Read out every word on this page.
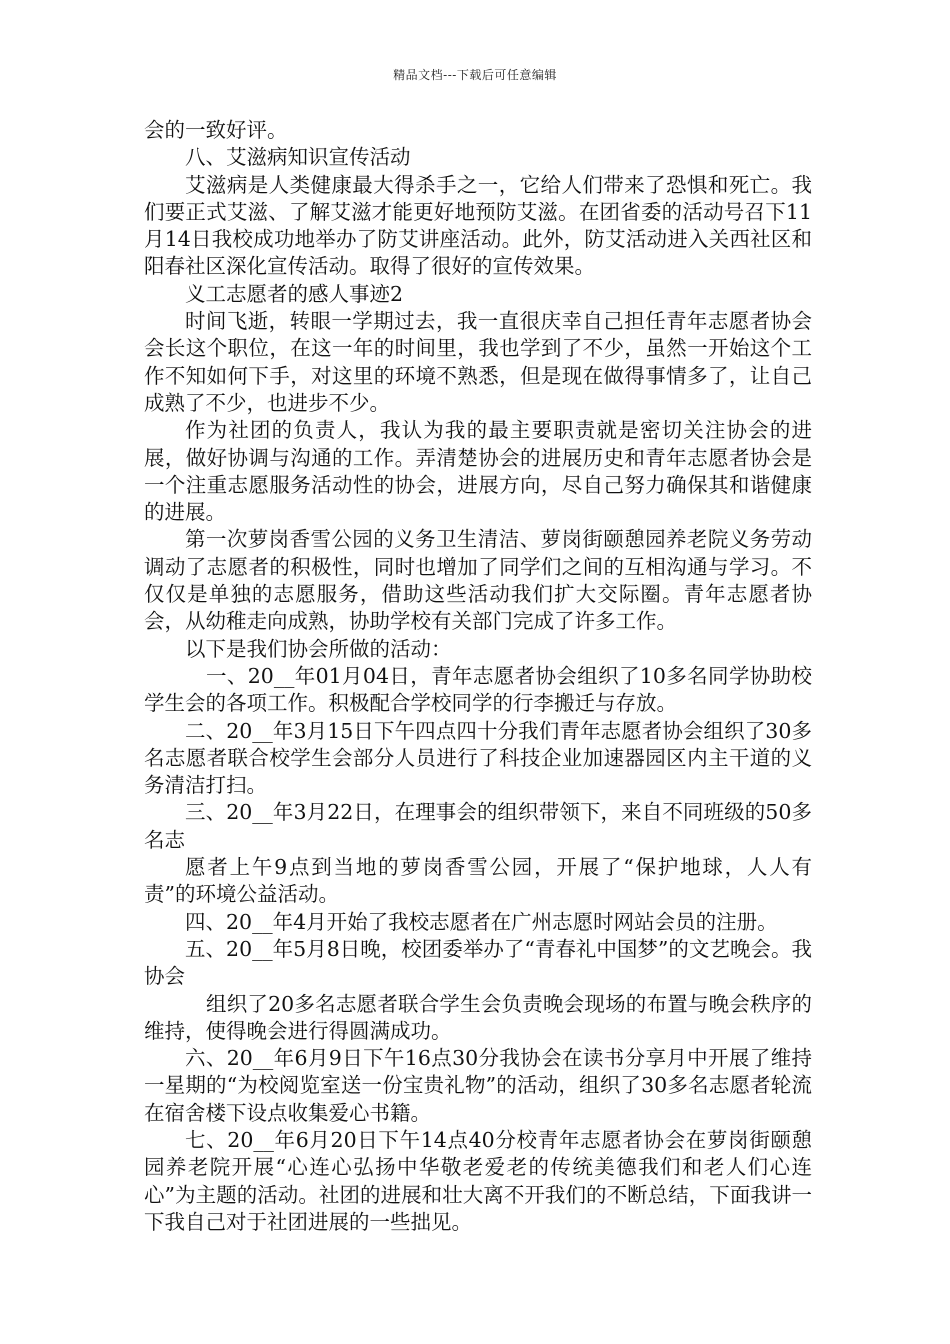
精品文档---下载后可任意编辑

会的一致好评。

八、艾滋病知识宣传活动

艾滋病是人类健康最大得杀手之一，它给人们带来了恐惧和死亡。我们要正式艾滋、了解艾滋才能更好地预防艾滋。在团省委的活动号召下11月14日我校成功地举办了防艾讲座活动。此外，防艾活动进入关西社区和阳春社区深化宣传活动。取得了很好的宣传效果。

义工志愿者的感人事迹2

时间飞逝，转眼一学期过去，我一直很庆幸自己担任青年志愿者协会会长这个职位，在这一年的时间里，我也学到了不少，虽然一开始这个工作不知如何下手，对这里的环境不熟悉，但是现在做得事情多了，让自己成熟了不少，也进步不少。

作为社团的负责人，我认为我的最主要职责就是密切关注协会的进展，做好协调与沟通的工作。弄清楚协会的进展历史和青年志愿者协会是一个注重志愿服务活动性的协会，进展方向，尽自己努力确保其和谐健康的进展。

第一次萝岗香雪公园的义务卫生清洁、萝岗街颐憩园养老院义务劳动调动了志愿者的积极性，同时也增加了同学们之间的互相沟通与学习。不仅仅是单独的志愿服务，借助这些活动我们扩大交际圈。青年志愿者协会，从幼稚走向成熟，协助学校有关部门完成了许多工作。

以下是我们协会所做的活动：

一、20__年01月04日，青年志愿者协会组织了10多名同学协助校学生会的各项工作。积极配合学校同学的行李搬迁与存放。

二、20__年3月15日下午四点四十分我们青年志愿者协会组织了30多名志愿者联合校学生会部分人员进行了科技企业加速器园区内主干道的义务清洁打扫。

三、20__年3月22日，在理事会的组织带领下，来自不同班级的50多名志

愿者上午9点到当地的萝岗香雪公园，开展了“保护地球，人人有责”的环境公益活动。

四、20__年4月开始了我校志愿者在广州志愿时网站会员的注册。

五、20__年5月8日晚，校团委举办了“青春礼中国梦”的文艺晚会。我协会

组织了20多名志愿者联合学生会负责晚会现场的布置与晚会秩序的维持，使得晚会进行得圆满成功。

六、20__年6月9日下午16点30分我协会在读书分享月中开展了维持一星期的“为校阅览室送一份宝贵礼物”的活动，组织了30多名志愿者轮流在宿舍楼下设点收集爱心书籍。

七、20__年6月20日下午14点40分校青年志愿者协会在萝岗街颐憩园养老院开展“心连心弘扬中华敬老爱老的传统美德我们和老人们心连心”为主题的活动。社团的进展和壮大离不开我们的不断总结，下面我讲一下我自己对于社团进展的一些拙见。
